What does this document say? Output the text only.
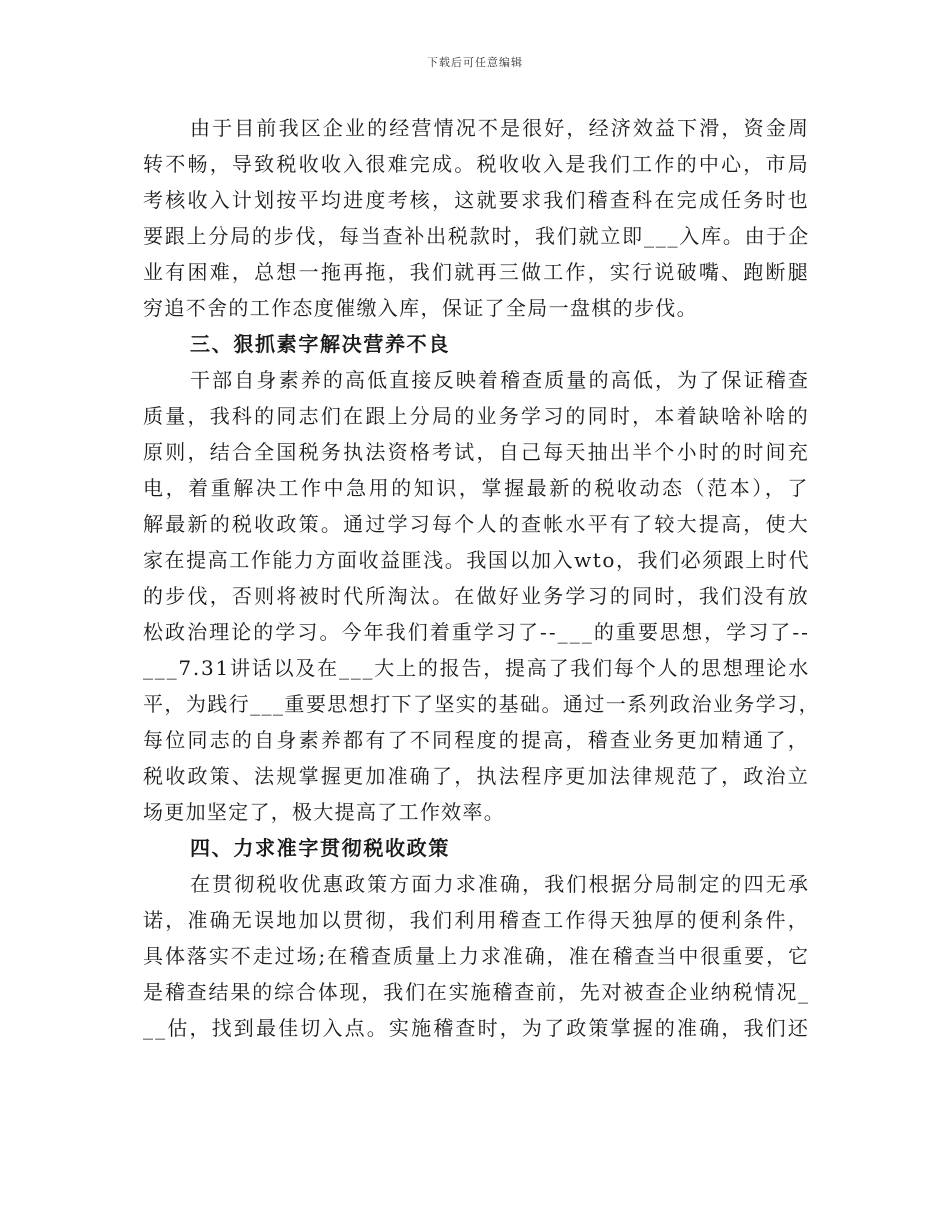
下载后可任意编辑
由于目前我区企业的经营情况不是很好，经济效益下滑，资金周
转不畅，导致税收收入很难完成。税收收入是我们工作的中心，市局
考核收入计划按平均进度考核，这就要求我们稽查科在完成任务时也
要跟上分局的步伐，每当查补出税款时，我们就立即___入库。由于企
业有困难，总想一拖再拖，我们就再三做工作，实行说破嘴、跑断腿
穷追不舍的工作态度催缴入库，保证了全局一盘棋的步伐。
三、狠抓素字解决营养不良
干部自身素养的高低直接反映着稽查质量的高低，为了保证稽查
质量，我科的同志们在跟上分局的业务学习的同时，本着缺啥补啥的
原则，结合全国税务执法资格考试，自己每天抽出半个小时的时间充
电，着重解决工作中急用的知识，掌握最新的税收动态（范本），了
解最新的税收政策。通过学习每个人的查帐水平有了较大提高，使大
家在提高工作能力方面收益匪浅。我国以加入wto，我们必须跟上时代
的步伐，否则将被时代所淘汰。在做好业务学习的同时，我们没有放
松政治理论的学习。今年我们着重学习了--___的重要思想，学习了--
___7.31讲话以及在___大上的报告，提高了我们每个人的思想理论水
平，为践行___重要思想打下了坚实的基础。通过一系列政治业务学习，
每位同志的自身素养都有了不同程度的提高，稽查业务更加精通了，
税收政策、法规掌握更加准确了，执法程序更加法律规范了，政治立
场更加坚定了，极大提高了工作效率。
四、力求准字贯彻税收政策
在贯彻税收优惠政策方面力求准确，我们根据分局制定的四无承
诺，准确无误地加以贯彻，我们利用稽查工作得天独厚的便利条件，
具体落实不走过场;在稽查质量上力求准确，准在稽查当中很重要，它
是稽查结果的综合体现，我们在实施稽查前，先对被查企业纳税情况_
__估，找到最佳切入点。实施稽查时，为了政策掌握的准确，我们还
